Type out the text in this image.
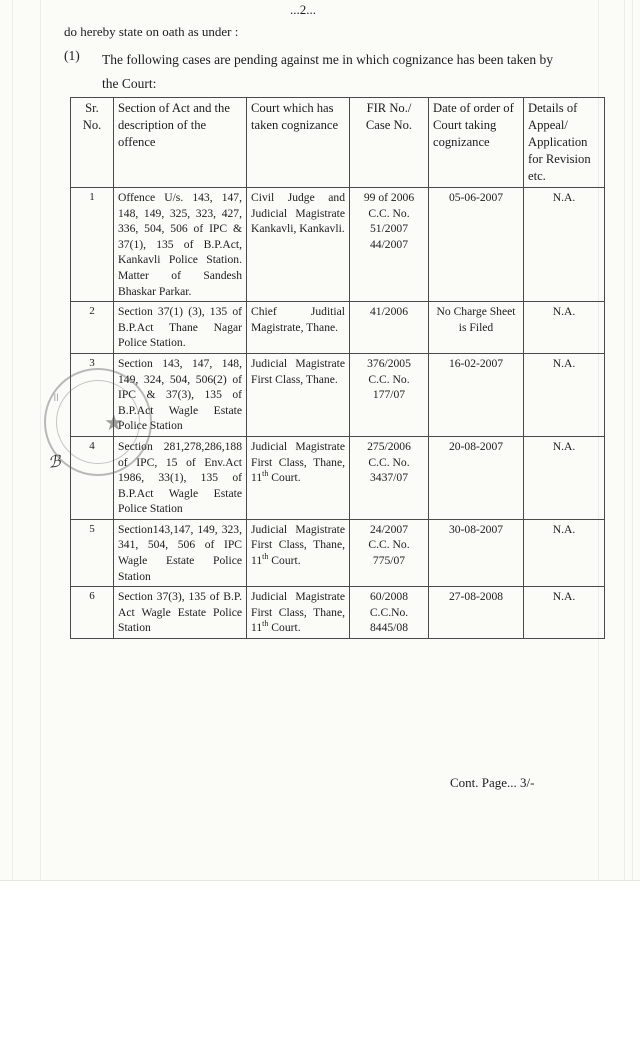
...2...
do hereby state on oath as under :
(1) The following cases are pending against me in which cognizance has been taken by the Court:
Sr.
No.	Section of Act and the description of the offence	Court which has taken cognizance	FIR No./ Case No.	Date of order of Court taking cognizance	Details of Appeal/ Application for Revision etc.
1	Offence U/s. 143, 147, 148, 149, 325, 323, 427, 336, 504, 506 of IPC & 37(1), 135 of B.P.Act, Kankavli Police Station. Matter of Sandesh Bhaskar Parkar.	Civil Judge and Judicial Magistrate Kankavli, Kankavli.	99 of 2006
C.C. No.
51/2007
44/2007	05-06-2007	N.A.
2	Section 37(1) (3), 135 of B.P.Act Thane Nagar Police Station.	Chief Juditial Magistrate, Thane.	41/2006	No Charge Sheet is Filed	N.A.
3	Section 143, 147, 148, 149, 324, 504, 506(2) of IPC & 37(3), 135 of B.P.Act Wagle Estate Police Station	Judicial Magistrate First Class, Thane.	376/2005
C.C. No.
177/07	16-02-2007	N.A.
4	Section 281,278,286,188 of IPC, 15 of Env.Act 1986, 33(1), 135 of B.P.Act Wagle Estate Police Station	Judicial Magistrate First Class, Thane, 11th Court.	275/2006
C.C. No.
3437/07	20-08-2007	N.A.
5	Section143,147, 149, 323, 341, 504, 506 of IPC Wagle Estate Police Station	Judicial Magistrate First Class, Thane, 11th Court.	24/2007
C.C. No.
775/07	30-08-2007	N.A.
6	Section 37(3), 135 of B.P. Act Wagle Estate Police Station	Judicial Magistrate First Class, Thane, 11th Court.	60/2008
C.C.No.
8445/08	27-08-2008	N.A.
★
॥
ℬ
Cont. Page... 3/-
